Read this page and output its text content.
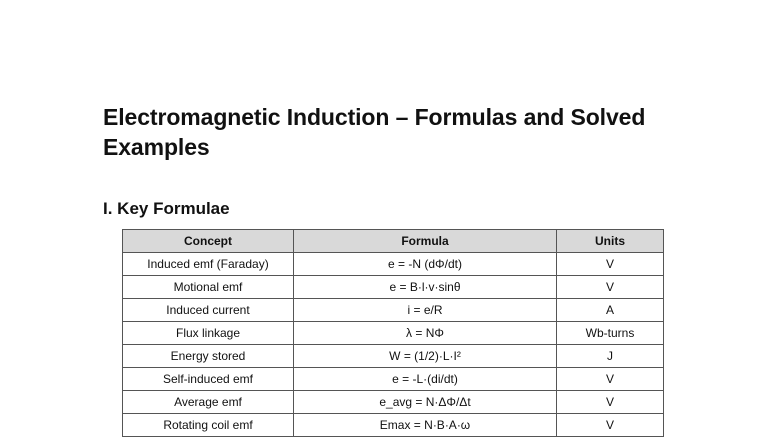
Electromagnetic Induction – Formulas and Solved Examples
I. Key Formulae
Concept	Formula	Units
Induced emf (Faraday)	e = -N (dΦ/dt)	V
Motional emf	e = B·l·v·sinθ	V
Induced current	i = e/R	A
Flux linkage	λ = NΦ	Wb-turns
Energy stored	W = (1/2)·L·I²	J
Self-induced emf	e = -L·(di/dt)	V
Average emf	e_avg = N·ΔΦ/Δt	V
Rotating coil emf	Emax = N·B·A·ω	V
